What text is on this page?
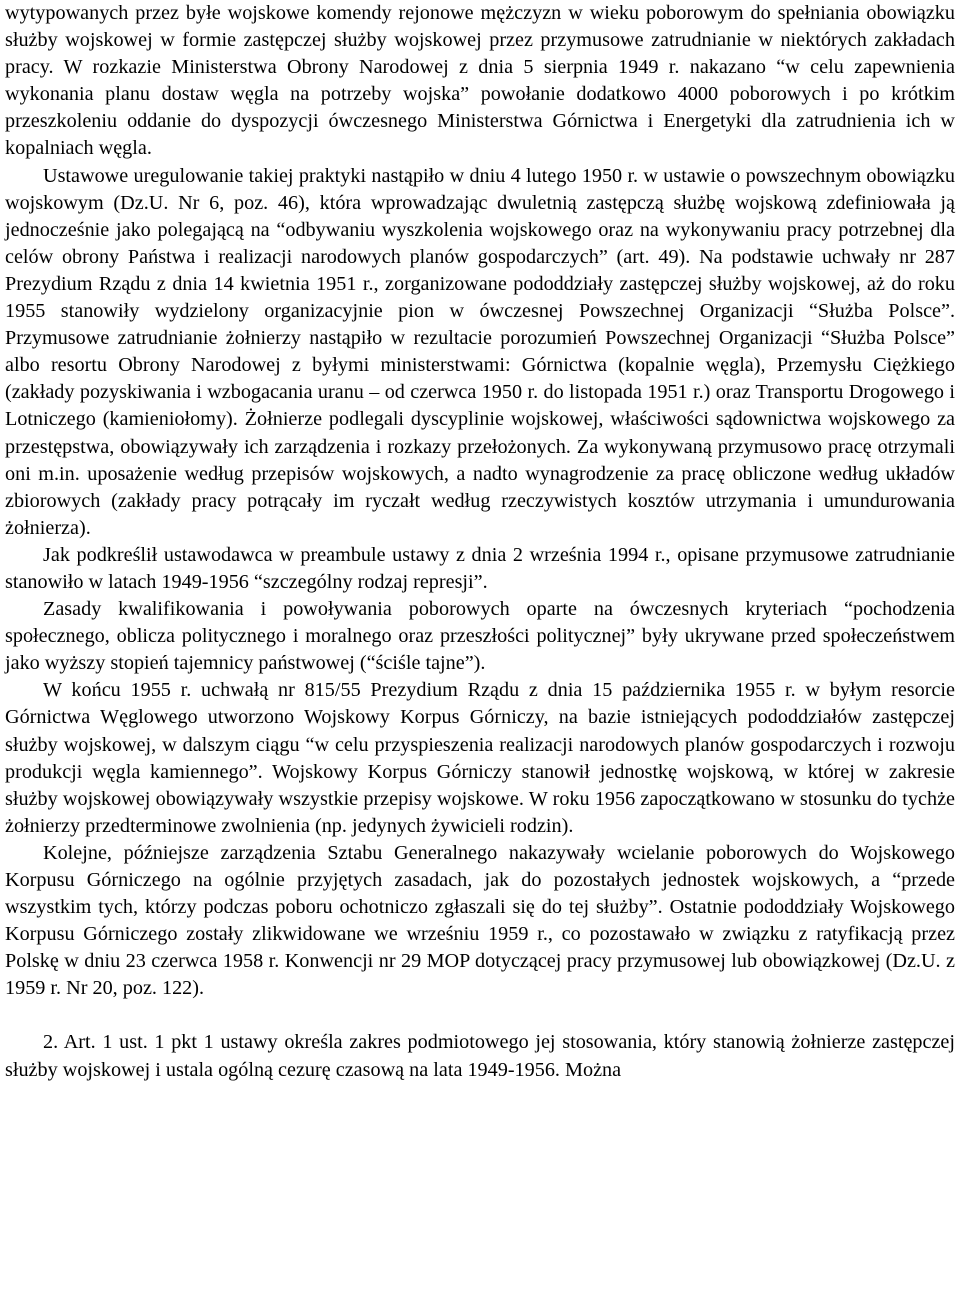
wytypowanych przez byłe wojskowe komendy rejonowe mężczyzn w wieku poborowym do spełniania obowiązku służby wojskowej w formie zastępczej służby wojskowej przez przymusowe zatrudnianie w niektórych zakładach pracy. W rozkazie Ministerstwa Obrony Narodowej z dnia 5 sierpnia 1949 r. nakazano “w celu zapewnienia wykonania planu dostaw węgla na potrzeby wojska” powołanie dodatkowo 4000 poborowych i po krótkim przeszkoleniu oddanie do dyspozycji ówczesnego Ministerstwa Górnictwa i Energetyki dla zatrudnienia ich w kopalniach węgla.

Ustawowe uregulowanie takiej praktyki nastąpiło w dniu 4 lutego 1950 r. w ustawie o powszechnym obowiązku wojskowym (Dz.U. Nr 6, poz. 46), która wprowadzając dwuletnią zastępczą służbę wojskową zdefiniowała ją jednocześnie jako polegającą na “odbywaniu wyszkolenia wojskowego oraz na wykonywaniu pracy potrzebnej dla celów obrony Państwa i realizacji narodowych planów gospodarczych” (art. 49). Na podstawie uchwały nr 287 Prezydium Rządu z dnia 14 kwietnia 1951 r., zorganizowane pododdziały zastępczej służby wojskowej, aż do roku 1955 stanowiły wydzielony organizacyjnie pion w ówczesnej Powszechnej Organizacji “Służba Polsce”. Przymusowe zatrudnianie żołnierzy nastąpiło w rezultacie porozumień Powszechnej Organizacji “Służba Polsce” albo resortu Obrony Narodowej z byłymi ministerstwami: Górnictwa (kopalnie węgla), Przemysłu Ciężkiego (zakłady pozyskiwania i wzbogacania uranu – od czerwca 1950 r. do listopada 1951 r.) oraz Transportu Drogowego i Lotniczego (kamieniołomy). Żołnierze podlegali dyscyplinie wojskowej, właściwości sądownictwa wojskowego za przestępstwa, obowiązywały ich zarządzenia i rozkazy przełożonych. Za wykonywaną przymusowo pracę otrzymali oni m.in. uposażenie według przepisów wojskowych, a nadto wynagrodzenie za pracę obliczone według układów zbiorowych (zakłady pracy potrącały im ryczałt według rzeczywistych kosztów utrzymania i umundurowania żołnierza).

Jak podkreślił ustawodawca w preambule ustawy z dnia 2 września 1994 r., opisane przymusowe zatrudnianie stanowiło w latach 1949-1956 “szczególny rodzaj represji”.

Zasady kwalifikowania i powoływania poborowych oparte na ówczesnych kryteriach “pochodzenia społecznego, oblicza politycznego i moralnego oraz przeszłości politycznej” były ukrywane przed społeczeństwem jako wyższy stopień tajemnicy państwowej (“ściśle tajne”).

W końcu 1955 r. uchwałą nr 815/55 Prezydium Rządu z dnia 15 października 1955 r. w byłym resorcie Górnictwa Węglowego utworzono Wojskowy Korpus Górniczy, na bazie istniejących pododdziałów zastępczej służby wojskowej, w dalszym ciągu “w celu przyspieszenia realizacji narodowych planów gospodarczych i rozwoju produkcji węgla kamiennego”. Wojskowy Korpus Górniczy stanowił jednostkę wojskową, w której w zakresie służby wojskowej obowiązywały wszystkie przepisy wojskowe. W roku 1956 zapoczątkowano w stosunku do tychże żołnierzy przedterminowe zwolnienia (np. jedynych żywicieli rodzin).

Kolejne, późniejsze zarządzenia Sztabu Generalnego nakazywały wcielanie poborowych do Wojskowego Korpusu Górniczego na ogólnie przyjętych zasadach, jak do pozostałych jednostek wojskowych, a “przede wszystkim tych, którzy podczas poboru ochotniczo zgłaszali się do tej służby”. Ostatnie pododdziały Wojskowego Korpusu Górniczego zostały zlikwidowane we wrześniu 1959 r., co pozostawało w związku z ratyfikacją przez Polskę w dniu 23 czerwca 1958 r. Konwencji nr 29 MOP dotyczącej pracy przymusowej lub obowiązkowej (Dz.U. z 1959 r. Nr 20, poz. 122).

2. Art. 1 ust. 1 pkt 1 ustawy określa zakres podmiotowego jej stosowania, który stanowią żołnierze zastępczej służby wojskowej i ustala ogólną cezurę czasową na lata 1949-1956. Można
